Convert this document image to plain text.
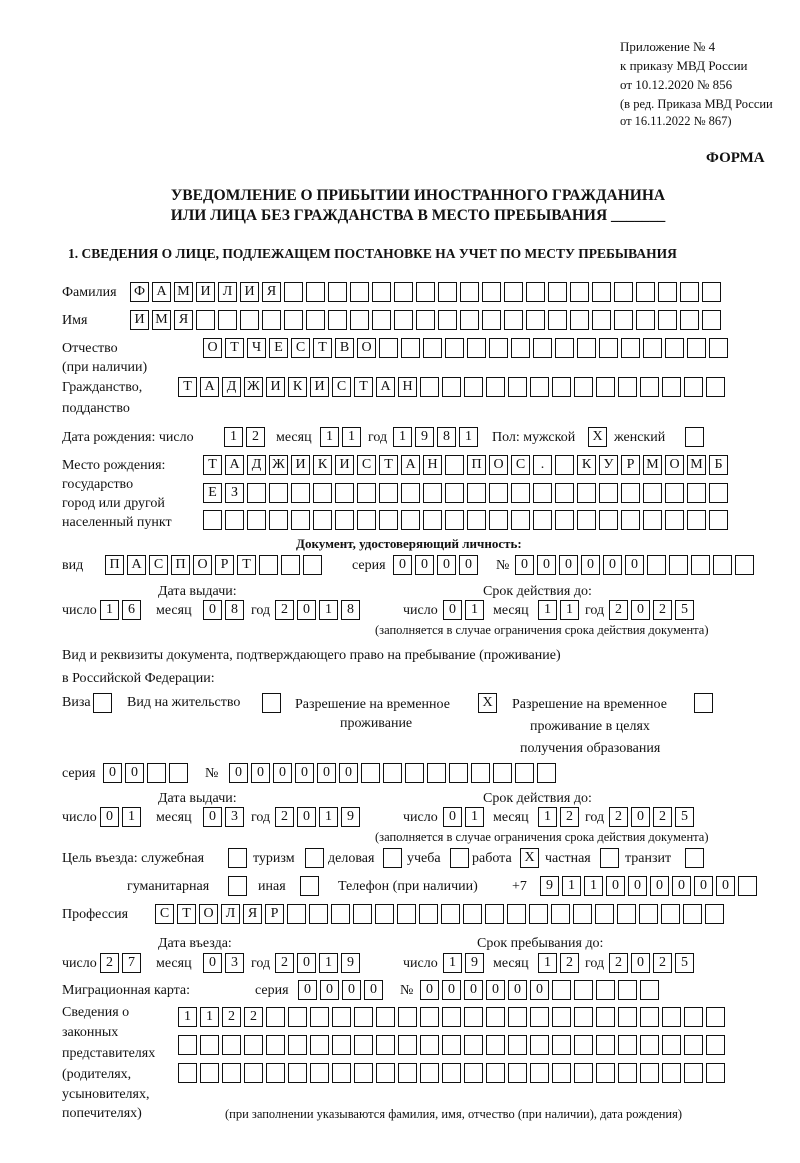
Приложение № 4
к приказу МВД России
от 10.12.2020 № 856
(в ред. Приказа МВД России
от 16.11.2022 № 867)
ФОРМА
УВЕДОМЛЕНИЕ О ПРИБЫТИИ ИНОСТРАННОГО ГРАЖДАНИНА
ИЛИ ЛИЦА БЕЗ ГРАЖДАНСТВА В МЕСТО ПРЕБЫВАНИЯ _______
1. СВЕДЕНИЯ О ЛИЦЕ, ПОДЛЕЖАЩЕМ ПОСТАНОВКЕ НА УЧЕТ ПО МЕСТУ ПРЕБЫВАНИЯ
Фамилия Ф А М И Л И Я
Имя	И М Я
Отчество
(при наличии)
О Т Ч Е С Т В О
Гражданство,
подданство
Т А Д Ж И К И С Т А Н
Дата рождения: число	1	2	месяц	1	1 год 1	9	8	1	Пол: мужской	X женский
Место рождения:
государство
город или другой
населенный пункт
Т А Д Ж И К И С Т А Н	П О С	.	К У Р М О М Б
Е	З
Документ, удостоверяющий личность:
вид	П А С П О Р Т	серия 0	0	0	0	№ 0	0	0	0	0	0
Дата выдачи:	Срок действия до:
число 1	6	месяц	0	8 год 2	0	1	8	число 0	1	месяц	1	1 год 2	0	2	5
(заполняется в случае ограничения срока действия документа)
Вид и реквизиты документа, подтверждающего право на пребывание (проживание)
в Российской Федерации:
Виза	Вид на жительство	Разрешение на временное
проживание
X	Разрешение на временное
проживание в целях
получения образования
серия 0	0	№	0	0	0	0	0	0
Дата выдачи:	Срок действия до:
число 0	1	месяц	0	3 год 2	0	1	9	число 0	1	месяц	1	2 год 2	0	2	5
(заполняется в случае ограничения срока действия документа)
Цель въезда: служебная	туризм деловая учеба работа X частная транзит
гуманитарная	иная	Телефон (при наличии) +7	9	1	1	0	0	0	0	0	0
Профессия	С Т О Л Я Р
Дата въезда:	Срок пребывания до:
число 2	7	месяц	0	3 год 2	0	1	9	число 1	9	месяц	1	2 год 2	0	2	5
Миграционная карта:	серия	0	0	0	0	№ 0	0	0	0	0	0
Сведения о
законных
представителях
(родителях,
усыновителях,
попечителях)
1	1	2	2
(при заполнении указываются фамилия, имя, отчество (при наличии), дата рождения)
